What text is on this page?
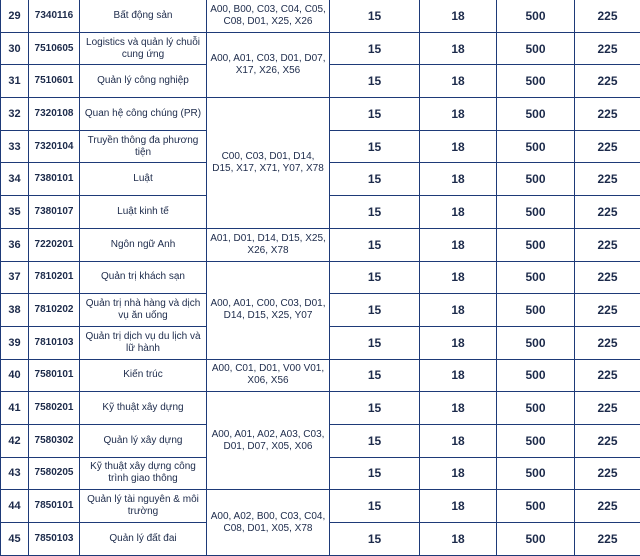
29	7340116	Bất động sản	A00, B00, C03, C04, C05, C08, D01, X25, X26	15	18	500	225
30	7510605	Logistics và quản lý chuỗi cung ứng	A00, A01, C03, D01, D07, X17, X26, X56	15	18	500	225
31	7510601	Quản lý công nghiệp		15	18	500	225
32	7320108	Quan hệ công chúng (PR)	C00, C03, D01, D14, D15, X17, X71, Y07, X78	15	18	500	225
33	7320104	Truyền thông đa phương tiện		15	18	500	225
34	7380101	Luật		15	18	500	225
35	7380107	Luật kinh tế		15	18	500	225
36	7220201	Ngôn ngữ Anh	A01, D01, D14, D15, X25, X26, X78	15	18	500	225
37	7810201	Quản trị khách sạn	A00, A01, C00, C03, D01, D14, D15, X25, Y07	15	18	500	225
38	7810202	Quản trị nhà hàng và dịch vụ ăn uống		15	18	500	225
39	7810103	Quản trị dịch vụ du lịch và lữ hành		15	18	500	225
40	7580101	Kiến trúc	A00, C01, D01, V00 V01, X06, X56	15	18	500	225
41	7580201	Kỹ thuật xây dựng	A00, A01, A02, A03, C03, D01, D07, X05, X06	15	18	500	225
42	7580302	Quản lý xây dựng		15	18	500	225
43	7580205	Kỹ thuật xây dựng công trình giao thông		15	18	500	225
44	7850101	Quản lý tài nguyên & môi trường	A00, A02, B00, C03, C04, C08, D01, X05, X78	15	18	500	225
45	7850103	Quản lý đất đai		15	18	500	225
